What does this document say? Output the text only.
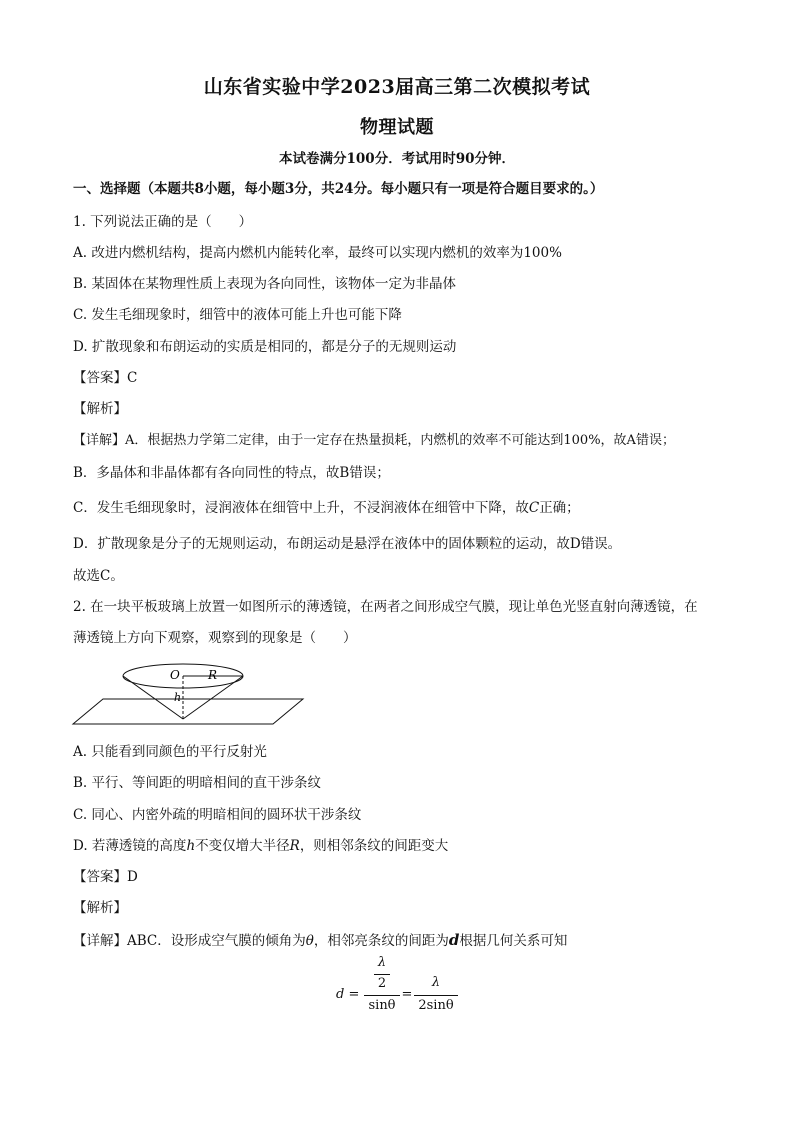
山东省实验中学2023届高三第二次模拟考试
物理试题
本试卷满分100分．考试用时90分钟．
一、选择题（本题共8小题，每小题3分，共24分。每小题只有一项是符合题目要求的。）
1. 下列说法正确的是（　　）
A. 改进内燃机结构，提高内燃机内能转化率，最终可以实现内燃机的效率为100%
B. 某固体在某物理性质上表现为各向同性，该物体一定为非晶体
C. 发生毛细现象时，细管中的液体可能上升也可能下降
D. 扩散现象和布朗运动的实质是相同的，都是分子的无规则运动
【答案】C
【解析】
【详解】A．根据热力学第二定律，由于一定存在热量损耗，内燃机的效率不可能达到100%，故A错误；
B．多晶体和非晶体都有各向同性的特点，故B错误；
C．发生毛细现象时，浸润液体在细管中上升，不浸润液体在细管中下降，故C正确；
D．扩散现象是分子的无规则运动，布朗运动是悬浮在液体中的固体颗粒的运动，故D错误。
故选C。
2. 在一块平板玻璃上放置一如图所示的薄透镜，在两者之间形成空气膜，现让单色光竖直射向薄透镜，在
薄透镜上方向下观察，观察到的现象是（　　）
O R
h
A. 只能看到同颜色的平行反射光
B. 平行、等间距的明暗相间的直干涉条纹
C. 同心、内密外疏的明暗相间的圆环状干涉条纹
D. 若薄透镜的高度h不变仅增大半径R，则相邻条纹的间距变大
【答案】D
【解析】
【详解】ABC．设形成空气膜的倾角为θ，相邻亮条纹的间距为d根据几何关系可知
d =
λ
2
sinθ
=
λ
2sinθ
